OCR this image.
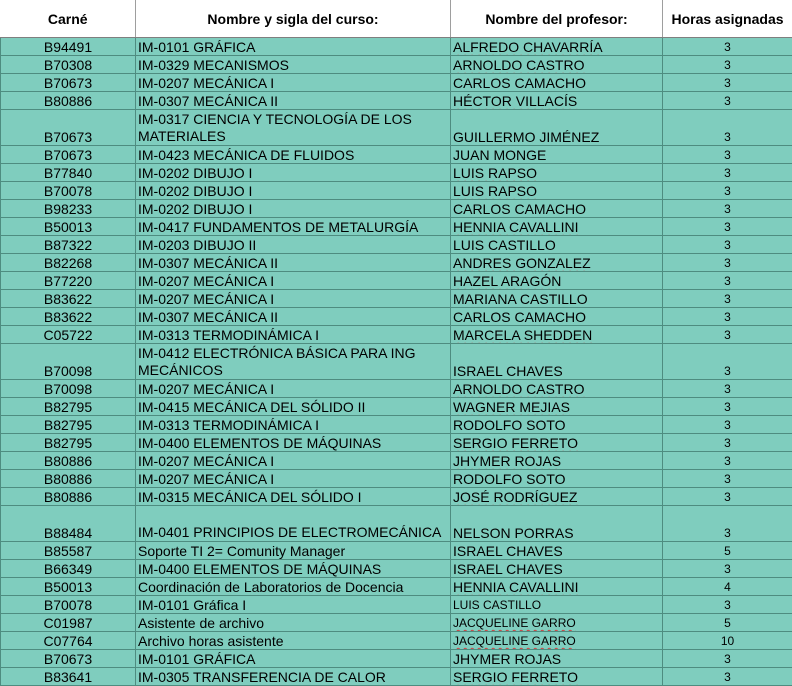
Carné	Nombre y sigla del curso:	Nombre del profesor:	Horas asignadas
B94491	IM-0101 GRÁFICA	ALFREDO CHAVARRÍA	3
B70308	IM-0329 MECANISMOS	ARNOLDO CASTRO	3
B70673	IM-0207 MECÁNICA I	CARLOS CAMACHO	3
B80886	IM-0307 MECÁNICA II	HÉCTOR VILLACÍS	3
B70673	IM-0317 CIENCIA Y TECNOLOGÍA DE LOS MATERIALES	GUILLERMO JIMÉNEZ	3
B70673	IM-0423 MECÁNICA DE FLUIDOS	JUAN MONGE	3
B77840	IM-0202 DIBUJO I	LUIS RAPSO	3
B70078	IM-0202 DIBUJO I	LUIS RAPSO	3
B98233	IM-0202 DIBUJO I	CARLOS CAMACHO	3
B50013	IM-0417 FUNDAMENTOS DE METALURGÍA	HENNIA CAVALLINI	3
B87322	IM-0203 DIBUJO II	LUIS CASTILLO	3
B82268	IM-0307 MECÁNICA II	ANDRES GONZALEZ	3
B77220	IM-0207 MECÁNICA I	HAZEL ARAGÓN	3
B83622	IM-0207 MECÁNICA I	MARIANA CASTILLO	3
B83622	IM-0307 MECÁNICA II	CARLOS CAMACHO	3
C05722	IM-0313 TERMODINÁMICA I	MARCELA SHEDDEN	3
B70098	IM-0412 ELECTRÓNICA BÁSICA PARA ING MECÁNICOS	ISRAEL CHAVES	3
B70098	IM-0207 MECÁNICA I	ARNOLDO CASTRO	3
B82795	IM-0415 MECÁNICA DEL SÓLIDO II	WAGNER MEJIAS	3
B82795	IM-0313 TERMODINÁMICA I	RODOLFO SOTO	3
B82795	IM-0400 ELEMENTOS DE MÁQUINAS	SERGIO FERRETO	3
B80886	IM-0207 MECÁNICA I	JHYMER ROJAS	3
B80886	IM-0207 MECÁNICA I	RODOLFO SOTO	3
B80886	IM-0315 MECÁNICA DEL SÓLIDO I	JOSÉ RODRÍGUEZ	3
B88484	IM-0401 PRINCIPIOS DE ELECTROMECÁNICA	NELSON PORRAS	3
B85587	Soporte TI 2= Comunity Manager	ISRAEL CHAVES	5
B66349	IM-0400 ELEMENTOS DE MÁQUINAS	ISRAEL CHAVES	3
B50013	Coordinación de Laboratorios de Docencia	HENNIA CAVALLINI	4
B70078	IM-0101 Gráfica I	LUIS CASTILLO	3
C01987	Asistente de archivo	JACQUELINE GARRO	5
C07764	Archivo horas asistente	JACQUELINE GARRO	10
B70673	IM-0101 GRÁFICA	JHYMER ROJAS	3
B83641	IM-0305 TRANSFERENCIA DE CALOR	SERGIO FERRETO	3
